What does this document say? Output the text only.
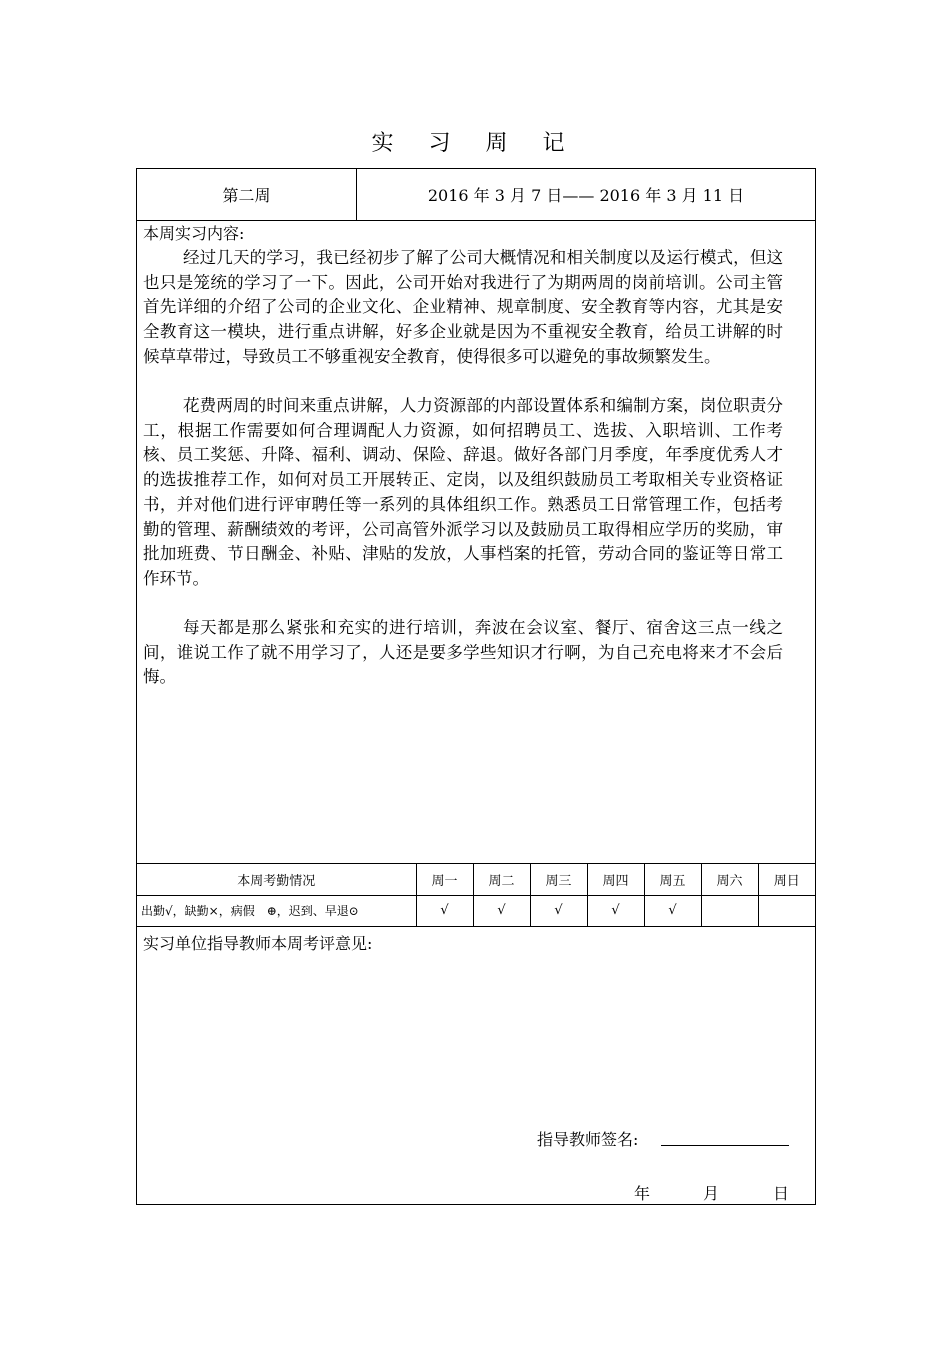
实 习 周 记
第二周	2016 年 3 月 7 日—— 2016 年 3 月 11 日
本周实习内容:

经过几天的学习，我已经初步了解了公司大概情况和相关制度以及运行模式，但这也只是笼统的学习了一下。因此，公司开始对我进行了为期两周的岗前培训。公司主管首先详细的介绍了公司的企业文化、企业精神、规章制度、安全教育等内容，尤其是安全教育这一模块，进行重点讲解，好多企业就是因为不重视安全教育，给员工讲解的时候草草带过，导致员工不够重视安全教育，使得很多可以避免的事故频繁发生。

花费两周的时间来重点讲解，人力资源部的内部设置体系和编制方案，岗位职责分工，根据工作需要如何合理调配人力资源，如何招聘员工、选拔、入职培训、工作考核、员工奖惩、升降、福利、调动、保险、辞退。做好各部门月季度，年季度优秀人才的选拔推荐工作，如何对员工开展转正、定岗，以及组织鼓励员工考取相关专业资格证书，并对他们进行评审聘任等一系列的具体组织工作。熟悉员工日常管理工作，包括考勤的管理、薪酬绩效的考评，公司高管外派学习以及鼓励员工取得相应学历的奖励，审批加班费、节日酬金、补贴、津贴的发放，人事档案的托管，劳动合同的鉴证等日常工作环节。

每天都是那么紧张和充实的进行培训，奔波在会议室、餐厅、宿舍这三点一线之间，谁说工作了就不用学习了，人还是要多学些知识才行啊，为自己充电将来才不会后悔。

本周考勤情况	周一	周二	周三	周四	周五	周六	周日
出勤√，缺勤×，病假　⊕，迟到、早退⊙	√	√	√	√	√		
实习单位指导教师本周考评意见:
指导教师签名:
年	月	日
